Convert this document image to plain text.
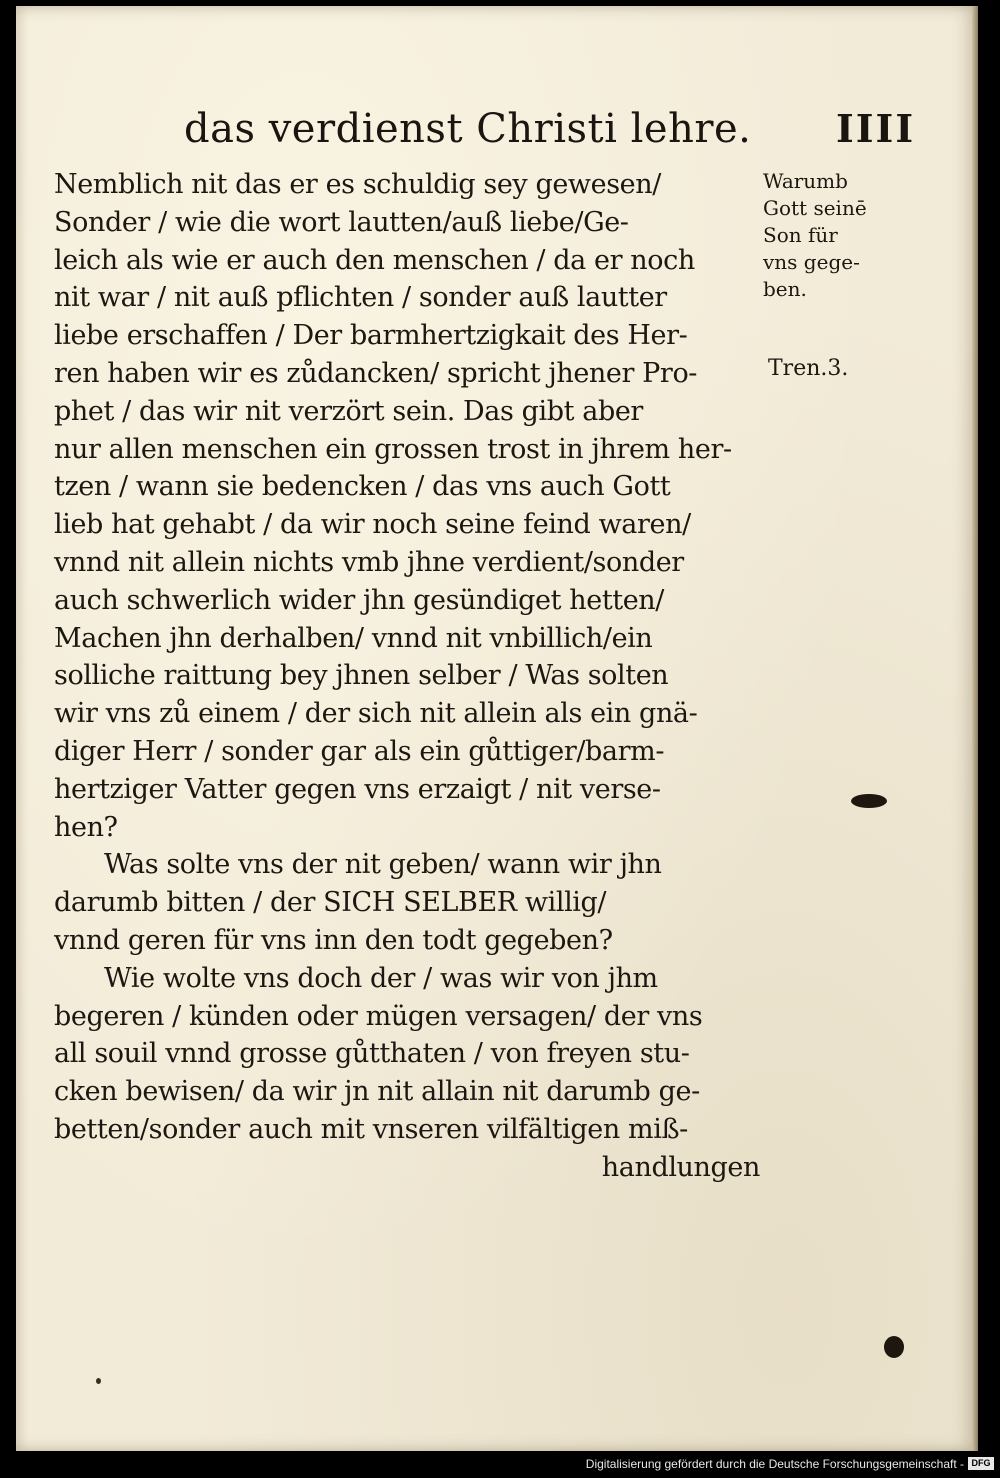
das verdienst Christi lehre. IIII
Nemblich nit das er es schuldig sey gewesen/
Sonder / wie die wort lautten/auß liebe/Ge-
leich als wie er auch den menschen / da er noch
nit war / nit auß pflichten / sonder auß lautter
liebe erschaffen / Der barmhertzigkait des Her-
ren haben wir es zůdancken/ spricht jhener Pro-
phet / das wir nit verzört sein. Das gibt aber
nur allen menschen ein grossen trost in jhrem her-
tzen / wann sie bedencken / das vns auch Gott
lieb hat gehabt / da wir noch seine feind waren/
vnnd nit allein nichts vmb jhne verdient/sonder
auch schwerlich wider jhn gesündiget hetten/
Machen jhn derhalben/ vnnd nit vnbillich/ein
solliche raittung bey jhnen selber / Was solten
wir vns zů einem / der sich nit allein als ein gnä-
diger Herr / sonder gar als ein gůttiger/barm-
hertziger Vatter gegen vns erzaigt / nit verse-
hen?
Was solte vns der nit geben/ wann wir jhn
darumb bitten / der SICH SELBER willig/
vnnd geren für vns inn den todt gegeben?
Wie wolte vns doch der / was wir von jhm
begeren / künden oder mügen versagen/ der vns
all souil vnnd grosse gůtthaten / von freyen stu-
cken bewisen/ da wir jn nit allain nit darumb ge-
betten/sonder auch mit vnseren vilfältigen miß-
handlungen
Warumb
Gott seinē
Son für
vns gege-
ben.
Tren.3.
Digitalisierung gefördert durch die Deutsche Forschungsgemeinschaft - DFG
